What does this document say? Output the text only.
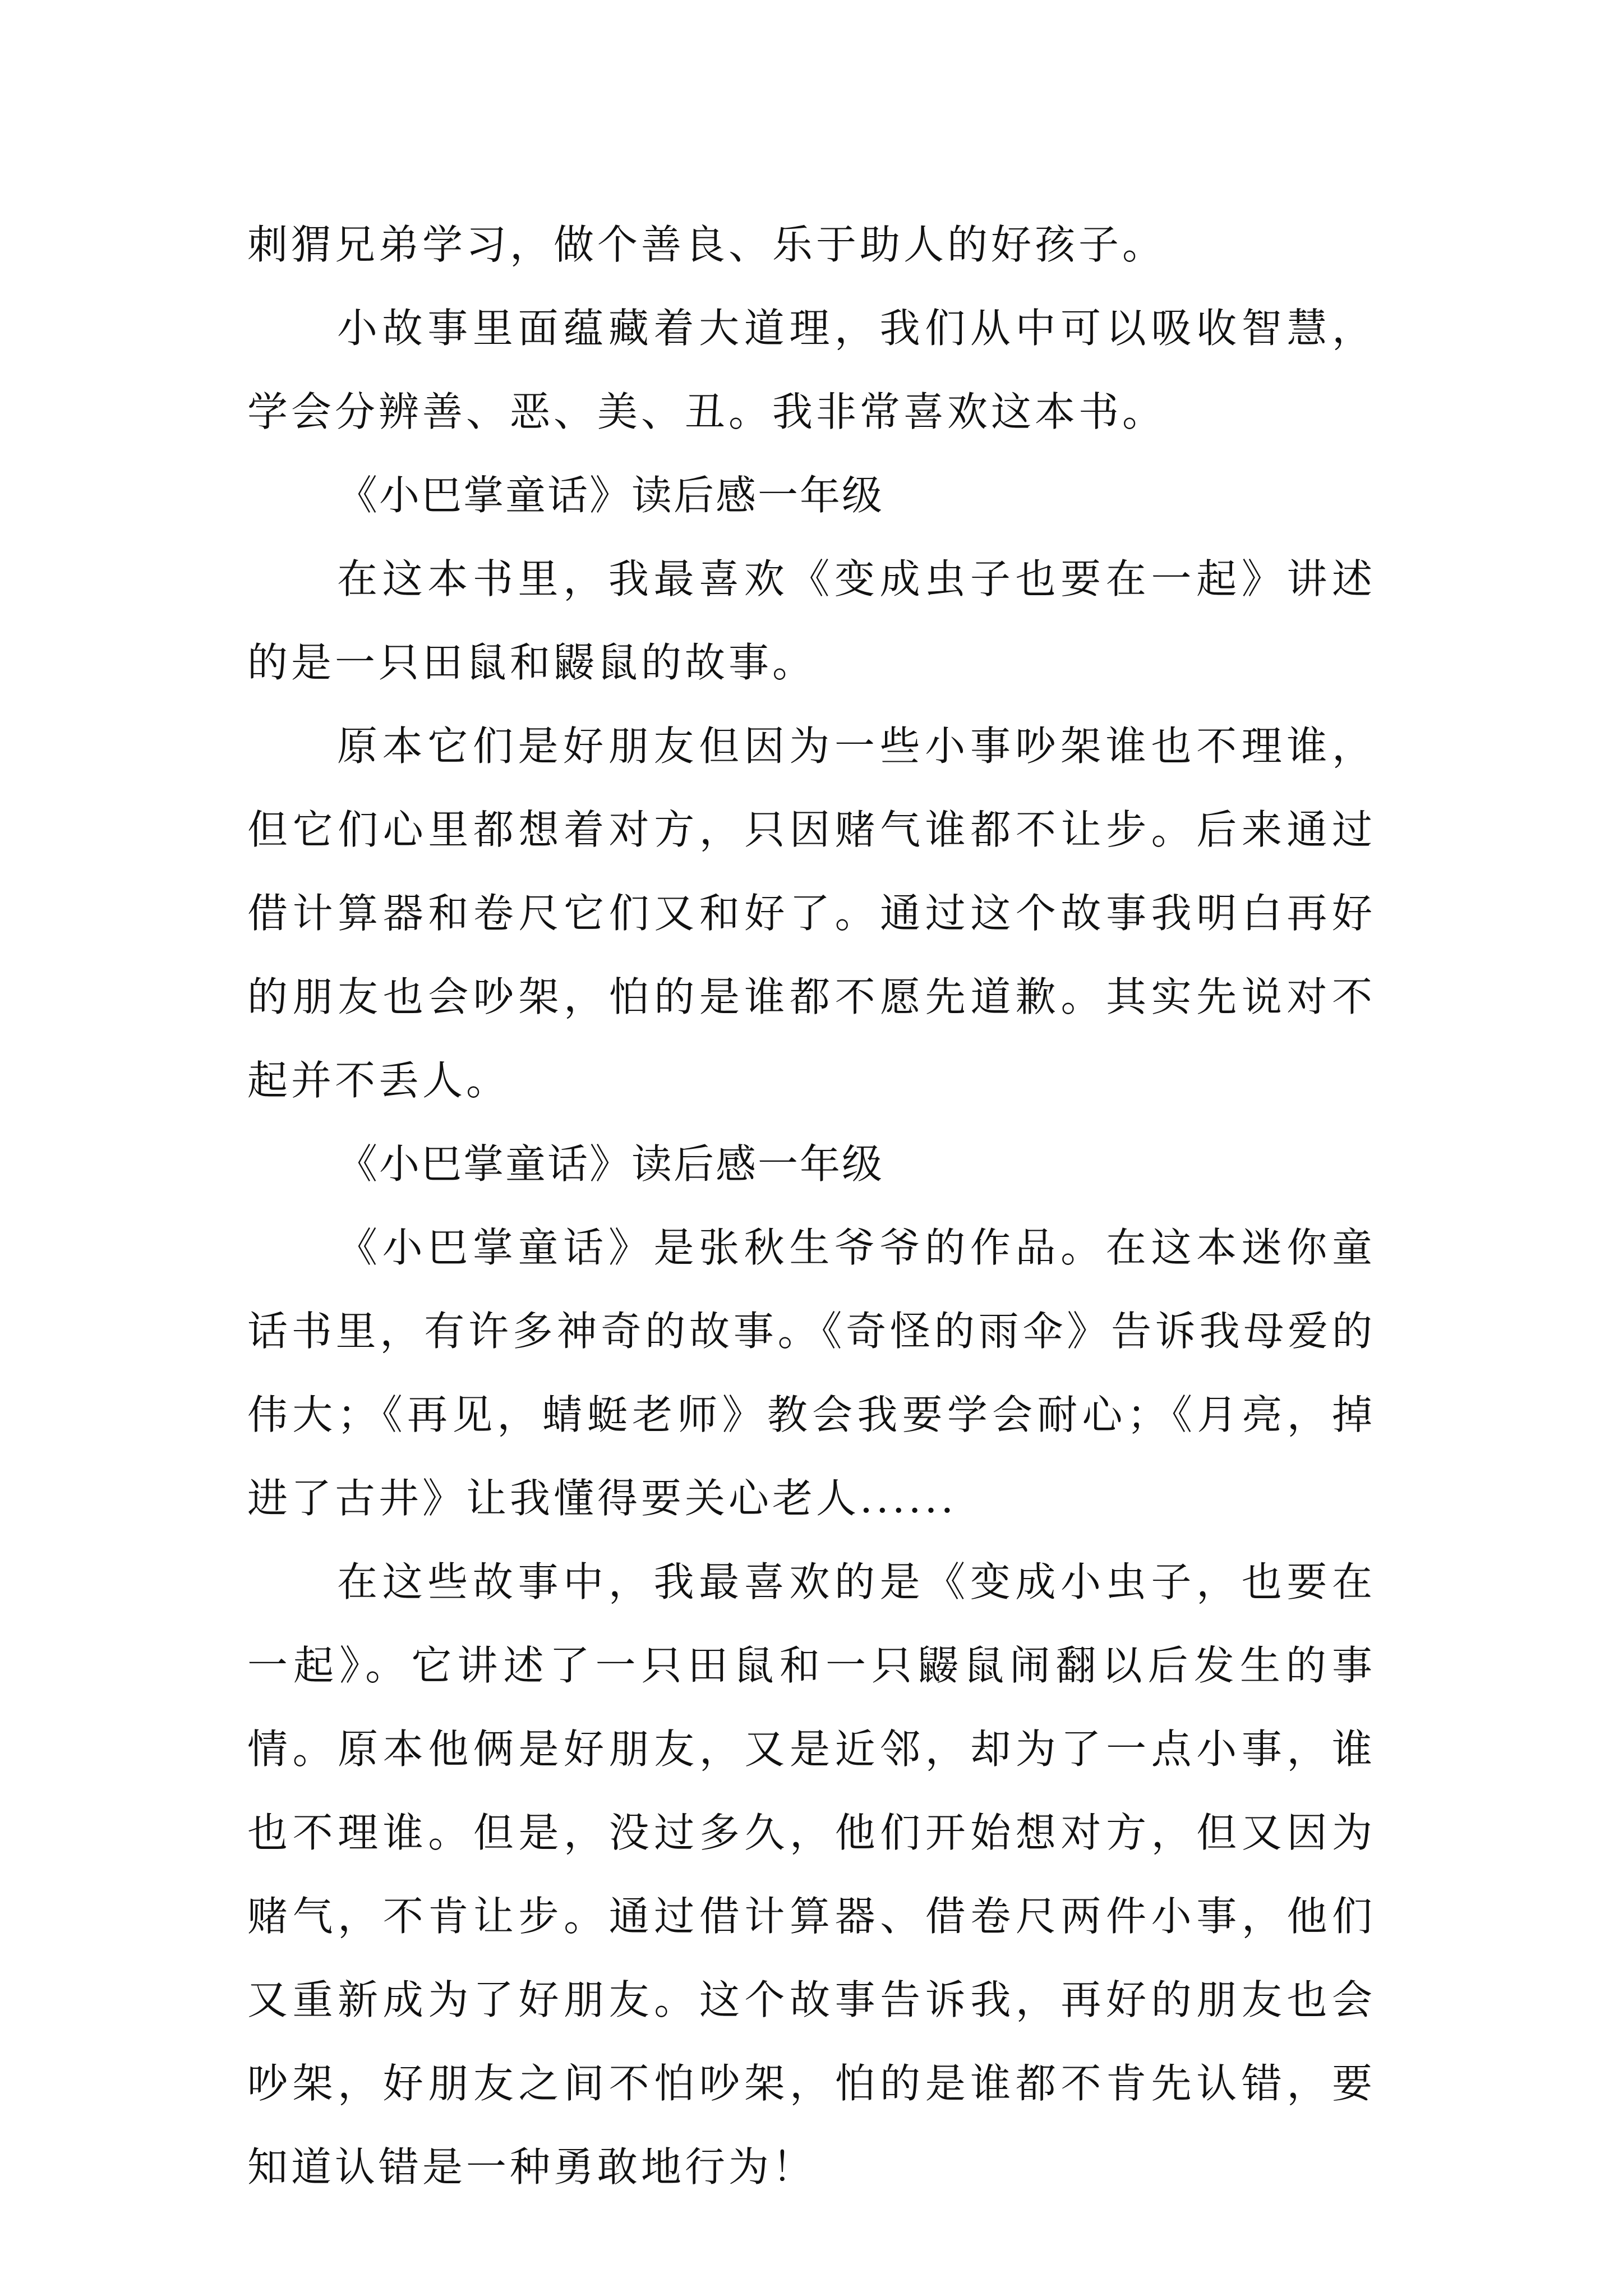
刺猬兄弟学习，做个善良、乐于助人的好孩子。

小故事里面蕴藏着大道理，我们从中可以吸收智慧，学会分辨善、恶、美、丑。我非常喜欢这本书。

《小巴掌童话》读后感一年级

在这本书里，我最喜欢《变成虫子也要在一起》讲述的是一只田鼠和鼹鼠的故事。

原本它们是好朋友但因为一些小事吵架谁也不理谁，但它们心里都想着对方，只因赌气谁都不让步。后来通过借计算器和卷尺它们又和好了。通过这个故事我明白再好的朋友也会吵架，怕的是谁都不愿先道歉。其实先说对不起并不丢人。

《小巴掌童话》读后感一年级

《小巴掌童话》是张秋生爷爷的作品。在这本迷你童话书里，有许多神奇的故事。《奇怪的雨伞》告诉我母爱的伟大；《再见，蜻蜓老师》教会我要学会耐心；《月亮，掉进了古井》让我懂得要关心老人......

在这些故事中，我最喜欢的是《变成小虫子，也要在一起》。它讲述了一只田鼠和一只鼹鼠闹翻以后发生的事情。原本他俩是好朋友，又是近邻，却为了一点小事，谁也不理谁。但是，没过多久，他们开始想对方，但又因为赌气，不肯让步。通过借计算器、借卷尺两件小事，他们又重新成为了好朋友。这个故事告诉我，再好的朋友也会吵架，好朋友之间不怕吵架，怕的是谁都不肯先认错，要知道认错是一种勇敢地行为！
